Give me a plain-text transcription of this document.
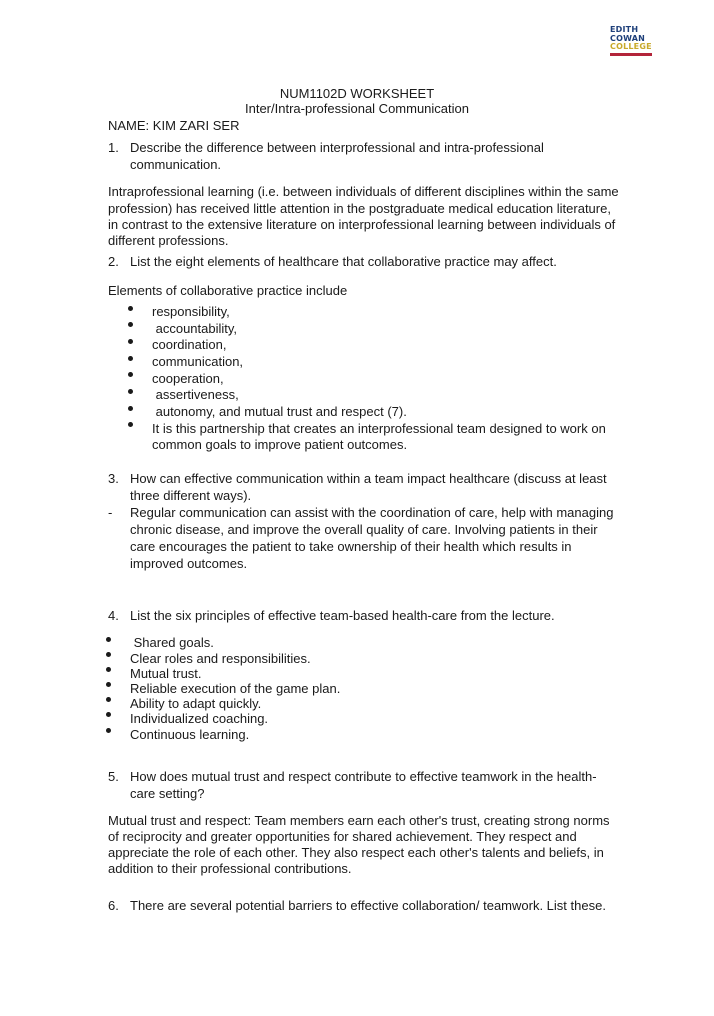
EDITH
COWAN
COLLEGE
NUM1102D WORKSHEET
Inter/Intra-professional Communication
NAME: KIM ZARI SER
1. Describe the difference between interprofessional and intra-professional
communication.
Intraprofessional learning (i.e. between individuals of different disciplines within the same
profession) has received little attention in the postgraduate medical education literature,
in contrast to the extensive literature on interprofessional learning between individuals of
different professions.
2. List the eight elements of healthcare that collaborative practice may affect.
Elements of collaborative practice include
responsibility,
accountability,
coordination,
communication,
cooperation,
assertiveness,
autonomy, and mutual trust and respect (7).
It is this partnership that creates an interprofessional team designed to work on
common goals to improve patient outcomes.
3. How can effective communication within a team impact healthcare (discuss at least
three different ways).
- Regular communication can assist with the coordination of care, help with managing
chronic disease, and improve the overall quality of care. Involving patients in their
care encourages the patient to take ownership of their health which results in
improved outcomes.
4. List the six principles of effective team-based health-care from the lecture.
Shared goals.
Clear roles and responsibilities.
Mutual trust.
Reliable execution of the game plan.
Ability to adapt quickly.
Individualized coaching.
Continuous learning.
5. How does mutual trust and respect contribute to effective teamwork in the health-
care setting?
Mutual trust and respect: Team members earn each other's trust, creating strong norms
of reciprocity and greater opportunities for shared achievement. They respect and
appreciate the role of each other. They also respect each other's talents and beliefs, in
addition to their professional contributions.
6. There are several potential barriers to effective collaboration/ teamwork. List these.
